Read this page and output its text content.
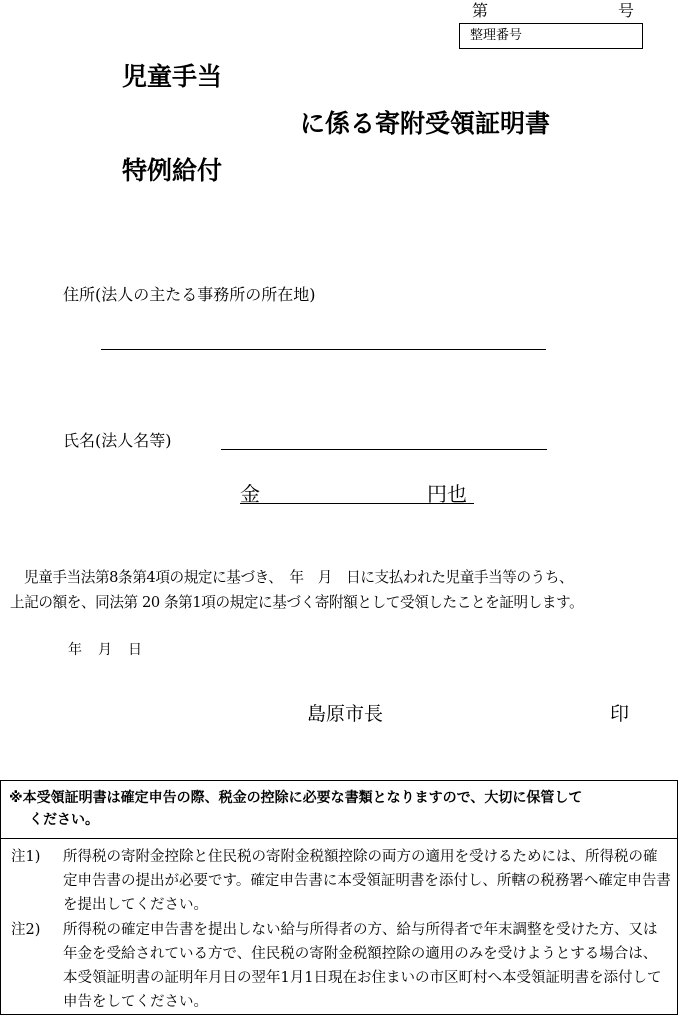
第	号
整理番号
児童手当
に係る寄附受領証明書
特例給付
住所(法人の主たる事務所の所在地)
氏名(法人名等)
金	円也
児童手当法第8条第4項の規定に基づき、　年　月　日に支払われた児童手当等のうち、
上記の額を、同法第 20 条第1項の規定に基づく寄附額として受領したことを証明します。
年　月　日
島原市長	印
※本受領証明書は確定申告の際、税金の控除に必要な書類となりますので、大切に保管して
ください。
注1) 所得税の寄附金控除と住民税の寄附金税額控除の両方の適用を受けるためには、所得税の確定申告書の提出が必要です。確定申告書に本受領証明書を添付し、所轄の税務署へ確定申告書を提出してください。
注2) 所得税の確定申告書を提出しない給与所得者の方、給与所得者で年末調整を受けた方、又は年金を受給されている方で、住民税の寄附金税額控除の適用のみを受けようとする場合は、本受領証明書の証明年月日の翌年1月1日現在お住まいの市区町村へ本受領証明書を添付して申告をしてください。
